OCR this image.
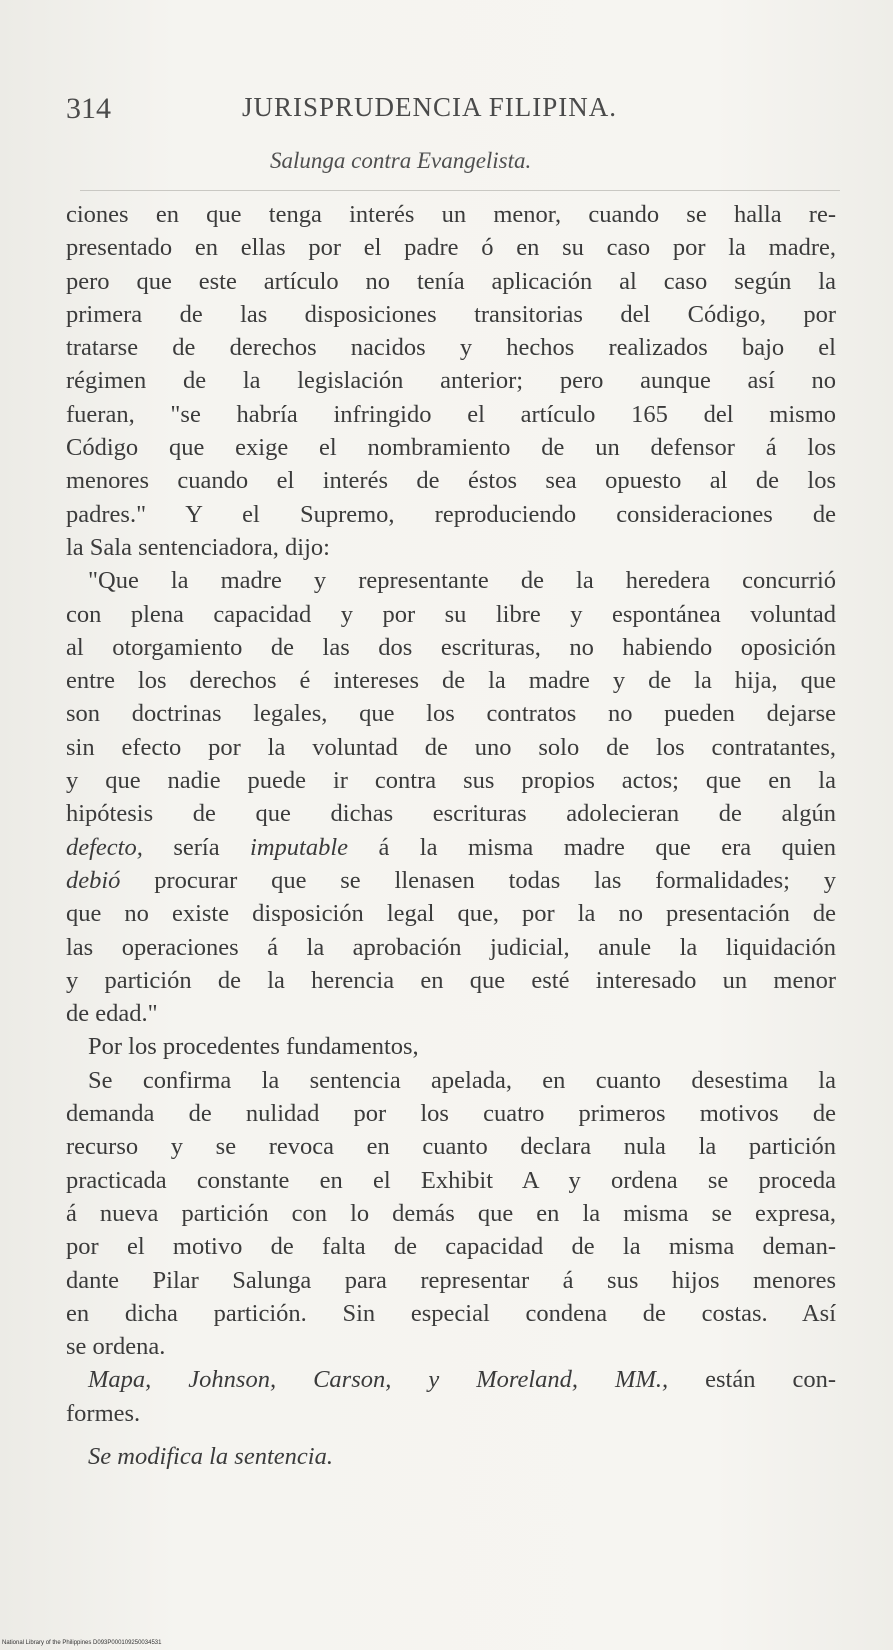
314	JURISPRUDENCIA FILIPINA.
Salunga contra Evangelista.
ciones en que tenga interés un menor, cuando se halla re-
presentado en ellas por el padre ó en su caso por la madre,
pero que este artículo no tenía aplicación al caso según la
primera de las disposiciones transitorias del Código, por
tratarse de derechos nacidos y hechos realizados bajo el
régimen de la legislación anterior; pero aunque así no
fueran, "se habría infringido el artículo 165 del mismo
Código que exige el nombramiento de un defensor á los
menores cuando el interés de éstos sea opuesto al de los
padres." Y el Supremo, reproduciendo consideraciones de
la Sala sentenciadora, dijo:
"Que la madre y representante de la heredera concurrió
con plena capacidad y por su libre y espontánea voluntad
al otorgamiento de las dos escrituras, no habiendo oposición
entre los derechos é intereses de la madre y de la hija, que
son doctrinas legales, que los contratos no pueden dejarse
sin efecto por la voluntad de uno solo de los contratantes,
y que nadie puede ir contra sus propios actos; que en la
hipótesis de que dichas escrituras adolecieran de algún
defecto, sería imputable á la misma madre que era quien
debió procurar que se llenasen todas las formalidades; y
que no existe disposición legal que, por la no presentación de
las operaciones á la aprobación judicial, anule la liquidación
y partición de la herencia en que esté interesado un menor
de edad."
Por los procedentes fundamentos,
Se confirma la sentencia apelada, en cuanto desestima la
demanda de nulidad por los cuatro primeros motivos de
recurso y se revoca en cuanto declara nula la partición
practicada constante en el Exhibit A y ordena se proceda
á nueva partición con lo demás que en la misma se expresa,
por el motivo de falta de capacidad de la misma deman-
dante Pilar Salunga para representar á sus hijos menores
en dicha partición. Sin especial condena de costas. Así
se ordena.
Mapa, Johnson, Carson, y Moreland, MM., están con-
formes.
Se modifica la sentencia.
National Library of the Philippines D093P000109250034531
